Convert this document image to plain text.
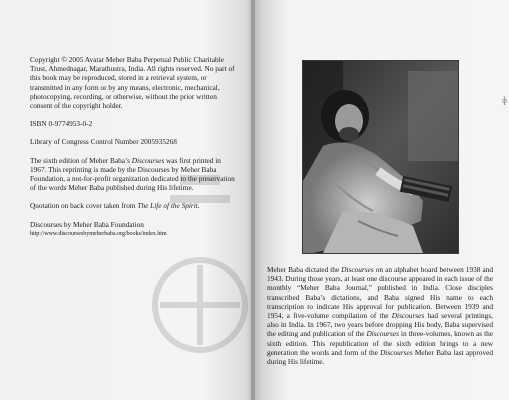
Copyright © 2005 Avatar Meher Baba Perpetual Public Charitable Trust, Ahmednagar, Marathustra, India. All rights reserved. No part of this book may be reproduced, stored in a retrieval system, or transmitted in any form or by any means, electronic, mechanical, photocopying, recording, or otherwise, without the prior written consent of the copyright holder.

ISBN 0-9774953-0-2

Library of Congress Control Number 2005935268

The sixth edition of Meher Baba’s Discourses was first printed in 1967. This reprinting is made by the Discourses by Meher Baba Foundation, a not-for-profit organization dedicated to the preservation of the words Meher Baba published during His lifetime.

Quotation on back cover taken from The Life of the Spirit.

Discourses by Meher Baba Foundation

http://www.discoursesbymeherbaba.org/books/index.htm

Meher Baba dictated the Discourses on an alphabet board between 1938 and 1943. During those years, at least one discourse appeared in each issue of the monthly “Meher Baba Journal,” published in India. Close disciples transcribed Baba’s dictations, and Baba signed His name to each transcription to indicate His approval for publication. Between 1939 and 1954, a five-volume compilation of the Discourses had several printings, also in India. In 1967, two years before dropping His body, Baba supervised the editing and publication of the Discourses in three-volumes, known as the sixth edition. This republication of the sixth edition brings to a new generation the words and form of the Discourses Meher Baba last approved during His lifetime.

ɸ
